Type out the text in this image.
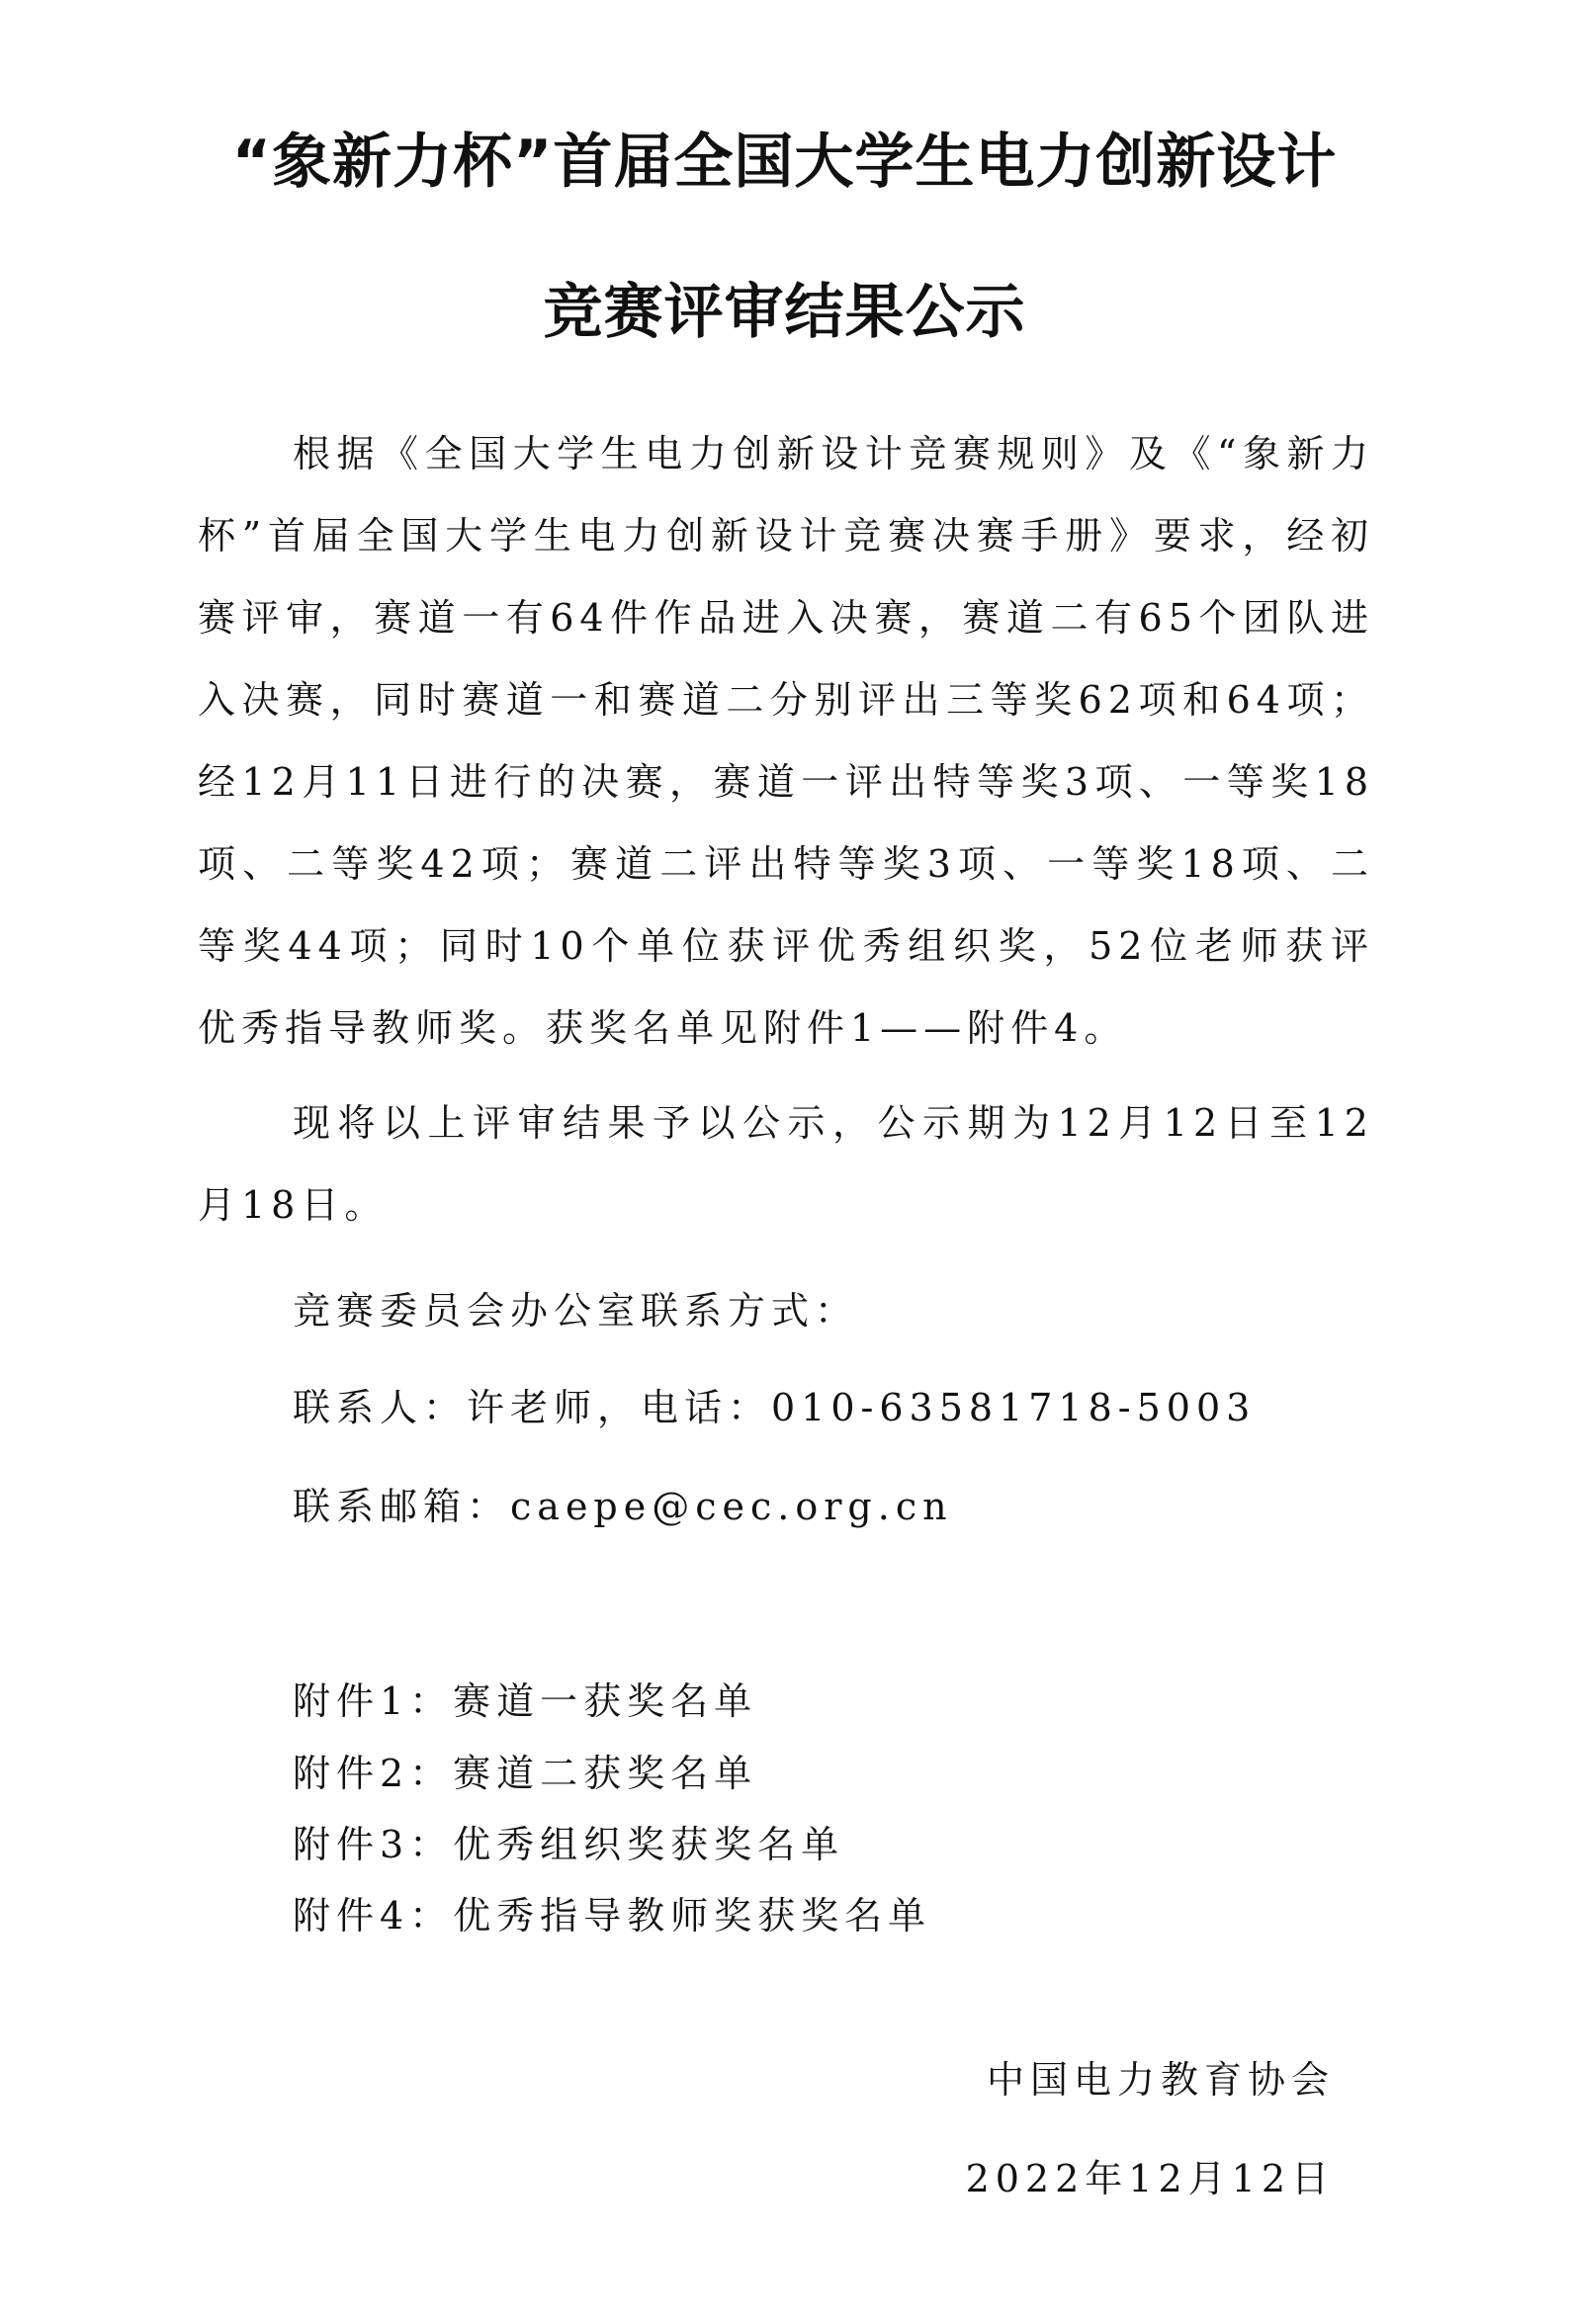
“象新力杯”首届全国大学生电力创新设计
竞赛评审结果公示

根据《全国大学生电力创新设计竞赛规则》及《“象新力杯”首届全国大学生电力创新设计竞赛决赛手册》要求，经初赛评审，赛道一有64件作品进入决赛，赛道二有65个团队进入决赛，同时赛道一和赛道二分别评出三等奖62项和64项；经12月11日进行的决赛，赛道一评出特等奖3项、一等奖18项、二等奖42项；赛道二评出特等奖3项、一等奖18项、二等奖44项；同时10个单位获评优秀组织奖，52位老师获评优秀指导教师奖。获奖名单见附件1——附件4。

现将以上评审结果予以公示，公示期为12月12日至12月18日。

竞赛委员会办公室联系方式：

联系人：许老师，电话：010-63581718-5003

联系邮箱：caepe@cec.org.cn

附件1：赛道一获奖名单

附件2：赛道二获奖名单

附件3：优秀组织奖获奖名单

附件4：优秀指导教师奖获奖名单

中国电力教育协会

2022年12月12日
